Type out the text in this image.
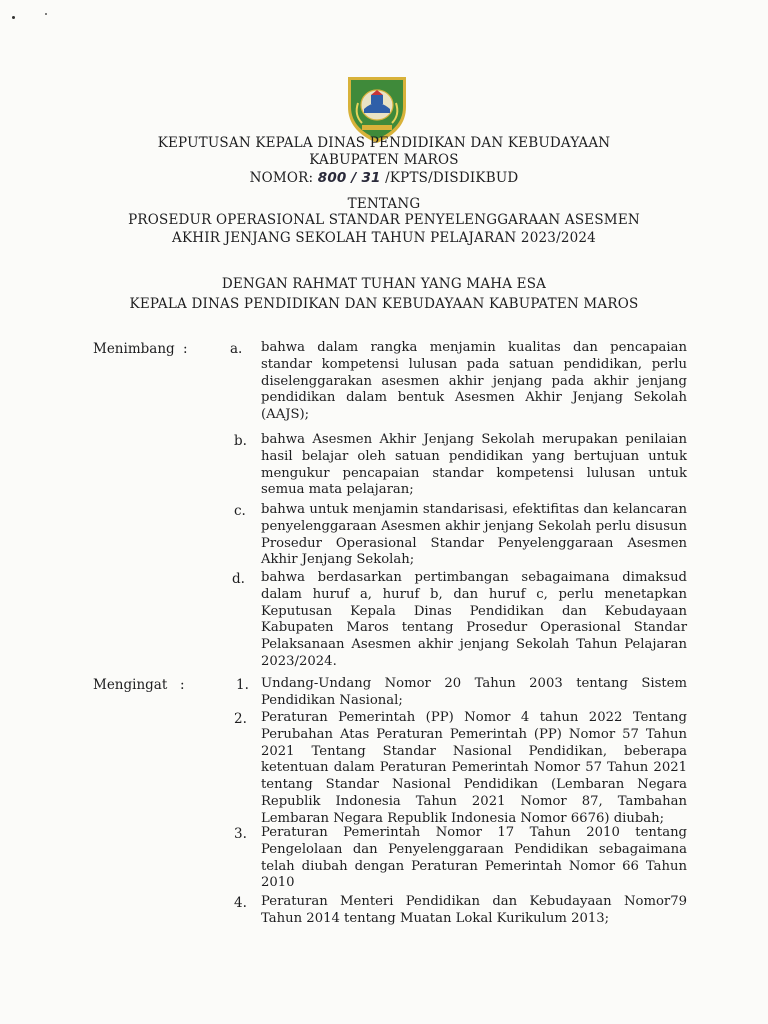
KEPUTUSAN KEPALA DINAS PENDIDIKAN DAN KEBUDAYAAN
KABUPATEN MAROS
NOMOR: 800 / 31 /KPTS/DISDIKBUD
TENTANG
PROSEDUR OPERASIONAL STANDAR PENYELENGGARAAN ASESMEN
AKHIR JENJANG SEKOLAH TAHUN PELAJARAN 2023/2024
DENGAN RAHMAT TUHAN YANG MAHA ESA
KEPALA DINAS PENDIDIKAN DAN KEBUDAYAAN KABUPATEN MAROS
Menimbang :	a. bahwa dalam rangka menjamin kualitas dan pencapaian standar kompetensi lulusan pada satuan pendidikan, perlu diselenggarakan asesmen akhir jenjang pada akhir jenjang pendidikan dalam bentuk Asesmen Akhir Jenjang Sekolah (AAJS);
b. bahwa Asesmen Akhir Jenjang Sekolah merupakan penilaian hasil belajar oleh satuan pendidikan yang bertujuan untuk mengukur pencapaian standar kompetensi lulusan untuk semua mata pelajaran;
c. bahwa untuk menjamin standarisasi, efektifitas dan kelancaran penyelenggaraan Asesmen akhir jenjang Sekolah perlu disusun Prosedur Operasional Standar Penyelenggaraan Asesmen Akhir Jenjang Sekolah;
d. bahwa berdasarkan pertimbangan sebagaimana dimaksud dalam huruf a, huruf b, dan huruf c, perlu menetapkan Keputusan Kepala Dinas Pendidikan dan Kebudayaan Kabupaten Maros tentang Prosedur Operasional Standar Pelaksanaan Asesmen akhir jenjang Sekolah Tahun Pelajaran 2023/2024.
Mengingat :	1. Undang-Undang Nomor 20 Tahun 2003 tentang Sistem Pendidikan Nasional;
2. Peraturan Pemerintah (PP) Nomor 4 tahun 2022 Tentang Perubahan Atas Peraturan Pemerintah (PP) Nomor 57 Tahun 2021 Tentang Standar Nasional Pendidikan, beberapa ketentuan dalam Peraturan Pemerintah Nomor 57 Tahun 2021 tentang Standar Nasional Pendidikan (Lembaran Negara Republik Indonesia Tahun 2021 Nomor 87, Tambahan Lembaran Negara Republik Indonesia Nomor 6676) diubah;
3. Peraturan Pemerintah Nomor 17 Tahun 2010 tentang Pengelolaan dan Penyelenggaraan Pendidikan sebagaimana telah diubah dengan Peraturan Pemerintah Nomor 66 Tahun 2010
4. Peraturan Menteri Pendidikan dan Kebudayaan Nomor79 Tahun 2014 tentang Muatan Lokal Kurikulum 2013;
